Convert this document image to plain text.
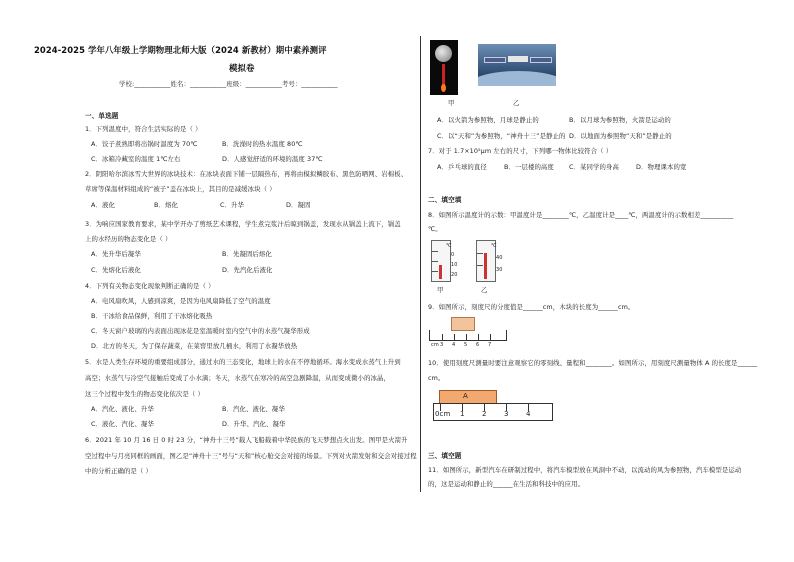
2024-2025 学年八年级上学期物理北师大版（2024 新教材）期中素养测评
模拟卷
学校:___________姓名：___________班级：___________考号：___________
一、单选题
1．下列温度中，符合生活实际的是（ ）
A．饺子煮熟即将出锅时温度为 70℃	B．洗澡时的热水温度 80℃
C．冰箱冷藏室的温度 1℃左右	D．人感觉舒适的环境的温度 37℃
2．阴阳哈尔滨冰雪大世界的冰块技术：在冰块表面下铺一层隔热布，再将由模拟鳞胶布、黑色防晒网、岩棉板、
草席等保温材料组成的“被子”盖在冰块上，其目的是减缓冰块（ ）
A．液化	B．熔化	C．升华	D．凝固
3．为响应国家教育要求，某中学开办了剪纸艺术课程，学生煮完浆汁后晾到锅盖，发现水从锅盖上流下，锅盖
上的水经历的物态变化是（ ）
A．先升华后凝华	B．先凝固后熔化
C．先熔化后液化	D．先汽化后液化
4．下列有关物态变化现象判断正确的是（ ）
A．电风扇吹风，人感到凉爽，是因为电风扇降低了空气的温度
B．干冰给食品保鲜，利用了干冰熔化吸热
C．冬天窗户玻璃的内表面出现冰花是室温暖时室内空气中的水蒸气凝华形成
D．北方的冬天，为了保存蔬菜，在菜窖里放几桶水，利用了水凝华放热
5．水是人类生存环境的重要组成部分，通过水的三态变化，地球上的水在不停地循环。海水变成水蒸气上升到
高空；水蒸气与冷空气接触后变成了小水滴；冬天，水蒸气在寒冷的高空急剧降温，从而变成微小的冰晶，
这三个过程中发生的物态变化依次是（ ）
A．汽化、液化、升华	B．汽化、液化、凝华
C．液化、汽化、凝华	D．升华、汽化、凝华
6．2021 年 10 月 16 日 0 时 23 分，“神舟十三号”载人飞船载着中华民族的飞天梦想点火出发。图甲是火箭升
空过程中与月亮同框的画面，图乙是“神舟十三”号与“天和”核心舱交会对接的场景。下列对火箭发射和交会对接过程
中的分析正确的是（ ）
甲	乙
A．以火箭为参照物，月球是静止的	B．以月球为参照物，火箭是运动的
C．以“天和”为参照物，“神舟十三”是静止的 D．以地面为参照物“天和”是静止的
7．对于 1.7×10⁵μm 左右的尺寸，下列哪一物体比较符合（ ）
A．乒乓球的直径	B．一层楼的高度 C．某同学的身高	D．物理课本的宽
二、填空填
8．如图所示温度计的示数：甲温度计是________℃，乙温度计是____℃，两温度计的示数相差__________
℃。
℃
0
10
20
℃
40
30
甲	乙
9．如图所示，刻度尺的分度值是______cm，木块的长度为______cm。
cm 3 4 5 6 7
10．使用刻度尺测量时要注意观察它的零刻线、量程和________。如图所示，用刻度尺测量物体 A 的长度是______
cm。
A
0cm 1 2 3 4
三、填空题
11．如图所示，新型汽车在研制过程中，将汽车模型放在风洞中不动，以流动的风为参照物，汽车模型是运动
的，这是运动和静止的______在生活和科技中的应用。
